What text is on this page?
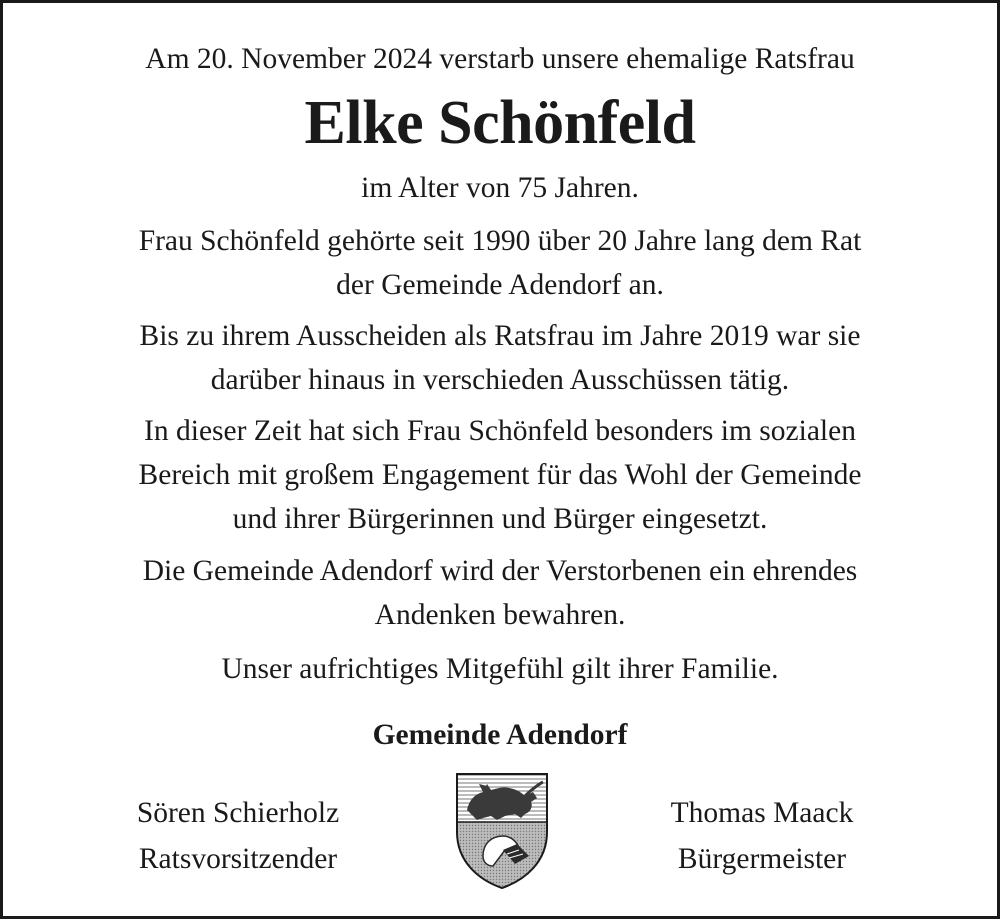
Am 20. November 2024 verstarb unsere ehemalige Ratsfrau
Elke Schönfeld
im Alter von 75 Jahren.
Frau Schönfeld gehörte seit 1990 über 20 Jahre lang dem Rat
der Gemeinde Adendorf an.
Bis zu ihrem Ausscheiden als Ratsfrau im Jahre 2019 war sie
darüber hinaus in verschieden Ausschüssen tätig.
In dieser Zeit hat sich Frau Schönfeld besonders im sozialen
Bereich mit großem Engagement für das Wohl der Gemeinde
und ihrer Bürgerinnen und Bürger eingesetzt.
Die Gemeinde Adendorf wird der Verstorbenen ein ehrendes
Andenken bewahren.
Unser aufrichtiges Mitgefühl gilt ihrer Familie.
Gemeinde Adendorf
Sören Schierholz
Ratsvorsitzender
Thomas Maack
Bürgermeister
